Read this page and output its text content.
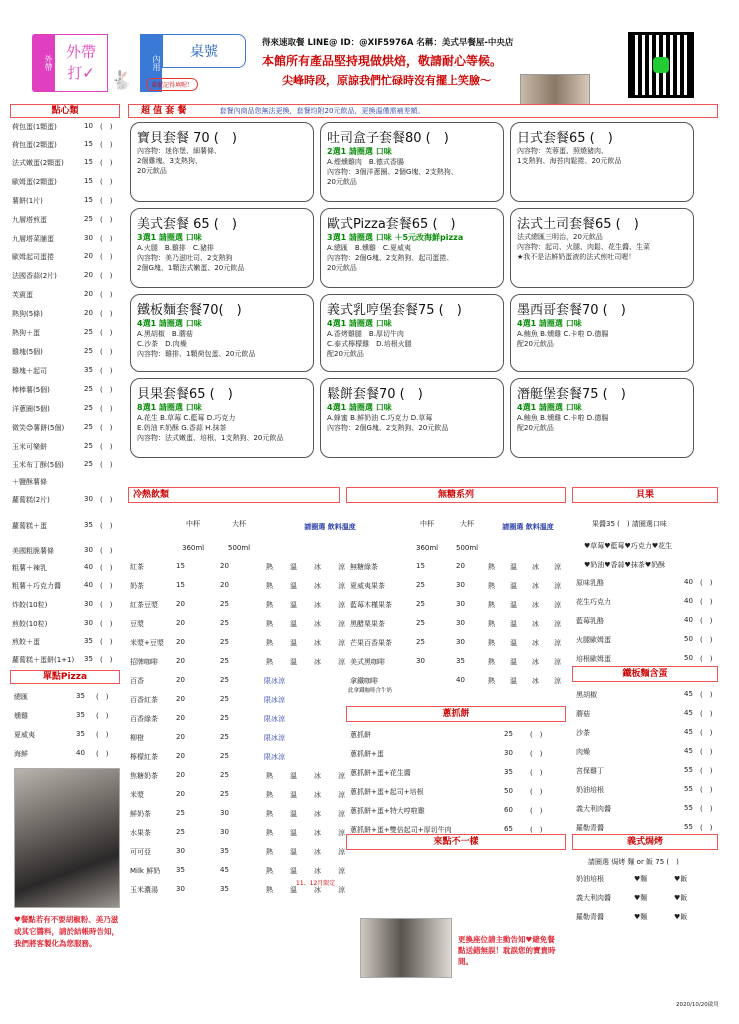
外帶
外帶
打✓
內用
桌號
🐇	桌號記得填喔！
得來速取餐 LINE@ ID：@XIF5976A 名稱：美式早餐屋-中央店
本館所有產品堅持現做烘焙，敬請耐心等候。
尖峰時段，原諒我們忙碌時沒有擺上笑臉～
點心類
荷包蛋(1顆蛋)	10 (　)
荷包蛋(2顆蛋)	15 (　)
法式嫩蛋(2顆蛋)	15 (　)
歐姆蛋(2顆蛋)	15 (　)
薯餅(1片)	15 (　)
九層塔煎蛋	25 (　)
九層塔菜脯蛋	30 (　)
歐姆起司蛋捲	20 (　)
法國香蒜(2片)	20 (　)
芙賓蛋	20 (　)
熱狗(5條)	20 (　)
熱狗＋蛋	25 (　)
雞塊(5個)	25 (　)
雞塊＋起司	35 (　)
棒棒薯(5個)	25 (　)
洋蔥圈(5個)	25 (　)
微笑😊薯餅(5個)	25 (　)
玉米可樂餅	25 (　)
玉米布丁酥(5個)	25 (　)
＋鹽酥薯條
蘿蔔糕(2片)	30 (　)
蘿蔔糕＋蛋	35 (　)
美國粗脆薯條	30 (　)
粗薯＋辣乳	40 (　)
粗薯＋巧克力醬	40 (　)
炸餃(10粒)	30 (　)
煎餃(10粒)	30 (　)
煎餃＋蛋	35 (　)
蘿蔔糕＋蛋餅(1+1) 35 (　)
單點Pizza
總匯	35 (　)
燻雞	35 (　)
夏威夷	35 (　)
海鮮	40 (　)
♥餐點若有不要胡椒粉、美乃滋或其它醬料，請於結帳時告知，我們將客製化為您服務。
超 值 套 餐	套餐內商品您無法更換，套餐均附20元飲品，更換溫僅需補差額。
寶貝套餐 70 (　)
內容物：迷你堡、細薯條、
2個雞塊、3支熱狗、
20元飲品
吐司盒子套餐80 (　)
2選1 請圈選 口味
A.煙燻雞肉　B.德式香腸
內容物：3個洋蔥圈、2個G塊、2支熱狗、
20元飲品
日式套餐65 (　)
內容物：芙蓉蛋、照燒豬肉、
1支熱狗、海苔肉鬆捲、20元飲品
美式套餐 65 (　)
3選1 請圈選 口味
A.火腿　B.雞排　C.豬排
內容物：美乃滋吐司、2支熱狗
2個G塊、1顆法式嫩蛋、20元飲品
歐式Pizza套餐65 (　)
3選1 請圈選 口味 ＋5元改海鮮pizza
A.總匯　B.燻雞　C.夏威夷
內容物：2個G塊、2支熱狗、起司蛋捲、
20元飲品
法式土司套餐65 (　)
法式總匯三明治，20元飲品
內容物：起司、火腿、肉鬆、花生醬、生菜
★我不是沾鮮奶蛋液的法式煎吐司喔！
鐵板麵套餐70(　)
4選1 請圈選 口味
A.黑胡椒　B.蘑菇
C.沙茶　D.肉燥
內容物：雞排、1顆荷包蛋、20元飲品
義式乳哼堡套餐75 (　)
4選1 請圈選 口味
A.香烤雞腿　B.厚切牛肉
C.泰式檸檬雞　D.培根火腿
配20元飲品
墨西哥套餐70 (　)
4選1 請圈選 口味
A.鮪魚 B.燻雞 C.卡啦 D.德腸
配20元飲品
貝果套餐65 (　)
8選1 請圈選 口味
A.花生 B.草莓 C.藍莓 D.巧克力
E.奶油 F.奶酥 G.香蒜 H.抹茶
內容物：法式嫩蛋、培根、1支熱狗、20元飲品
鬆餅套餐70 (　)
4選1 請圈選 口味
A.蜂蜜 B.鮮奶油 C.巧克力 D.草莓
內容物：2個G塊、2支熱狗、20元飲品
潛艇堡套餐75 (　)
4選1 請圈選 口味
A.鮪魚 B.燻雞 C.卡啦 D.德腸
配20元飲品
冷熱飲類	無糖系列
中杯	大杯
360ml	500ml
請圈選 飲料溫度	中杯	大杯
360ml	500ml
請圈選 飲料溫度
紅茶	15	20	熱 溫 冰 涼
奶茶	15	20	熱 溫 冰 涼
紅茶豆漿	20	25	熱 溫 冰 涼
豆漿	20	25	熱 溫 冰 涼
米漿+豆漿 20	25	熱 溫 冰 涼
招牌咖啡	20	25	熱 溫 冰 涼
百香	20	25	限冰涼
百香紅茶	20	25	限冰涼
百香綠茶	20	25	限冰涼
柳橙	20	25	限冰涼
檸檬紅茶	20	25	限冰涼
焦糖奶茶	20	25	熱 溫 冰 涼
米漿	20	25	熱 溫 冰 涼
鮮奶茶	25	30	熱 溫 冰 涼
水果茶	25	30	熱 溫 冰 涼
可可亞	30	35	熱 溫 冰 涼
Milk 鮮奶 35	45	熱 溫 冰 涼
玉米濃湯	30	35	熱 溫 冰 涼
11、12月限定
無糖綠茶	15	20	熱 溫 冰 涼
夏威夷果茶	25	30	熱 溫 冰 涼
藍莓木槿果茶	25	30	熱 溫 冰 涼
黑醋栗果茶	25	30	熱 溫 冰 涼
芒果百香果茶	25	30	熱 溫 冰 涼
美式黑咖啡	30	35	熱 溫 冰 涼
拿鐵咖啡	40	熱 溫 冰 涼
此拿鐵咖啡含牛奶
蔥抓餅
蔥抓餅	25 (　)
蔥抓餅+蛋	30 (　)
蔥抓餅+蛋+花生醬	35 (　)
蔥抓餅+蛋+起司+培根	50 (　)
蔥抓餅+蛋+特大哼啦雞	60 (　)
蔥抓餅+蛋+雙倍起司+厚切牛肉	65 (　)
來點不一樣
更換座位請主動告知♥避免餐點送錯無誤！耽誤您的寶貴時間。
貝果
果醬35 (　) 請圈選口味
♥草莓♥藍莓♥巧克力♥花生
♥奶油♥香蒜♥抹茶♥奶酥
原味乳酪	40 (　)
花生巧克力	40 (　)
藍莓乳酪	40 (　)
火腿歐姆蛋	50 (　)
培根歐姆蛋	50 (　)
鐵板麵含蛋
黑胡椒	45 (　)
蘑菇	45 (　)
沙茶	45 (　)
肉燥	45 (　)
宮保雞丁	55 (　)
奶油培根	55 (　)
義大利肉醬	55 (　)
羅勒青醬	55 (　)
義式焗烤
請圈選 焗烤 麵 or 飯 75 (　)
奶油培根	♥麵	♥飯
義大利肉醬	♥麵	♥飯
羅勒青醬	♥麵	♥飯
2020/10/20啟用
